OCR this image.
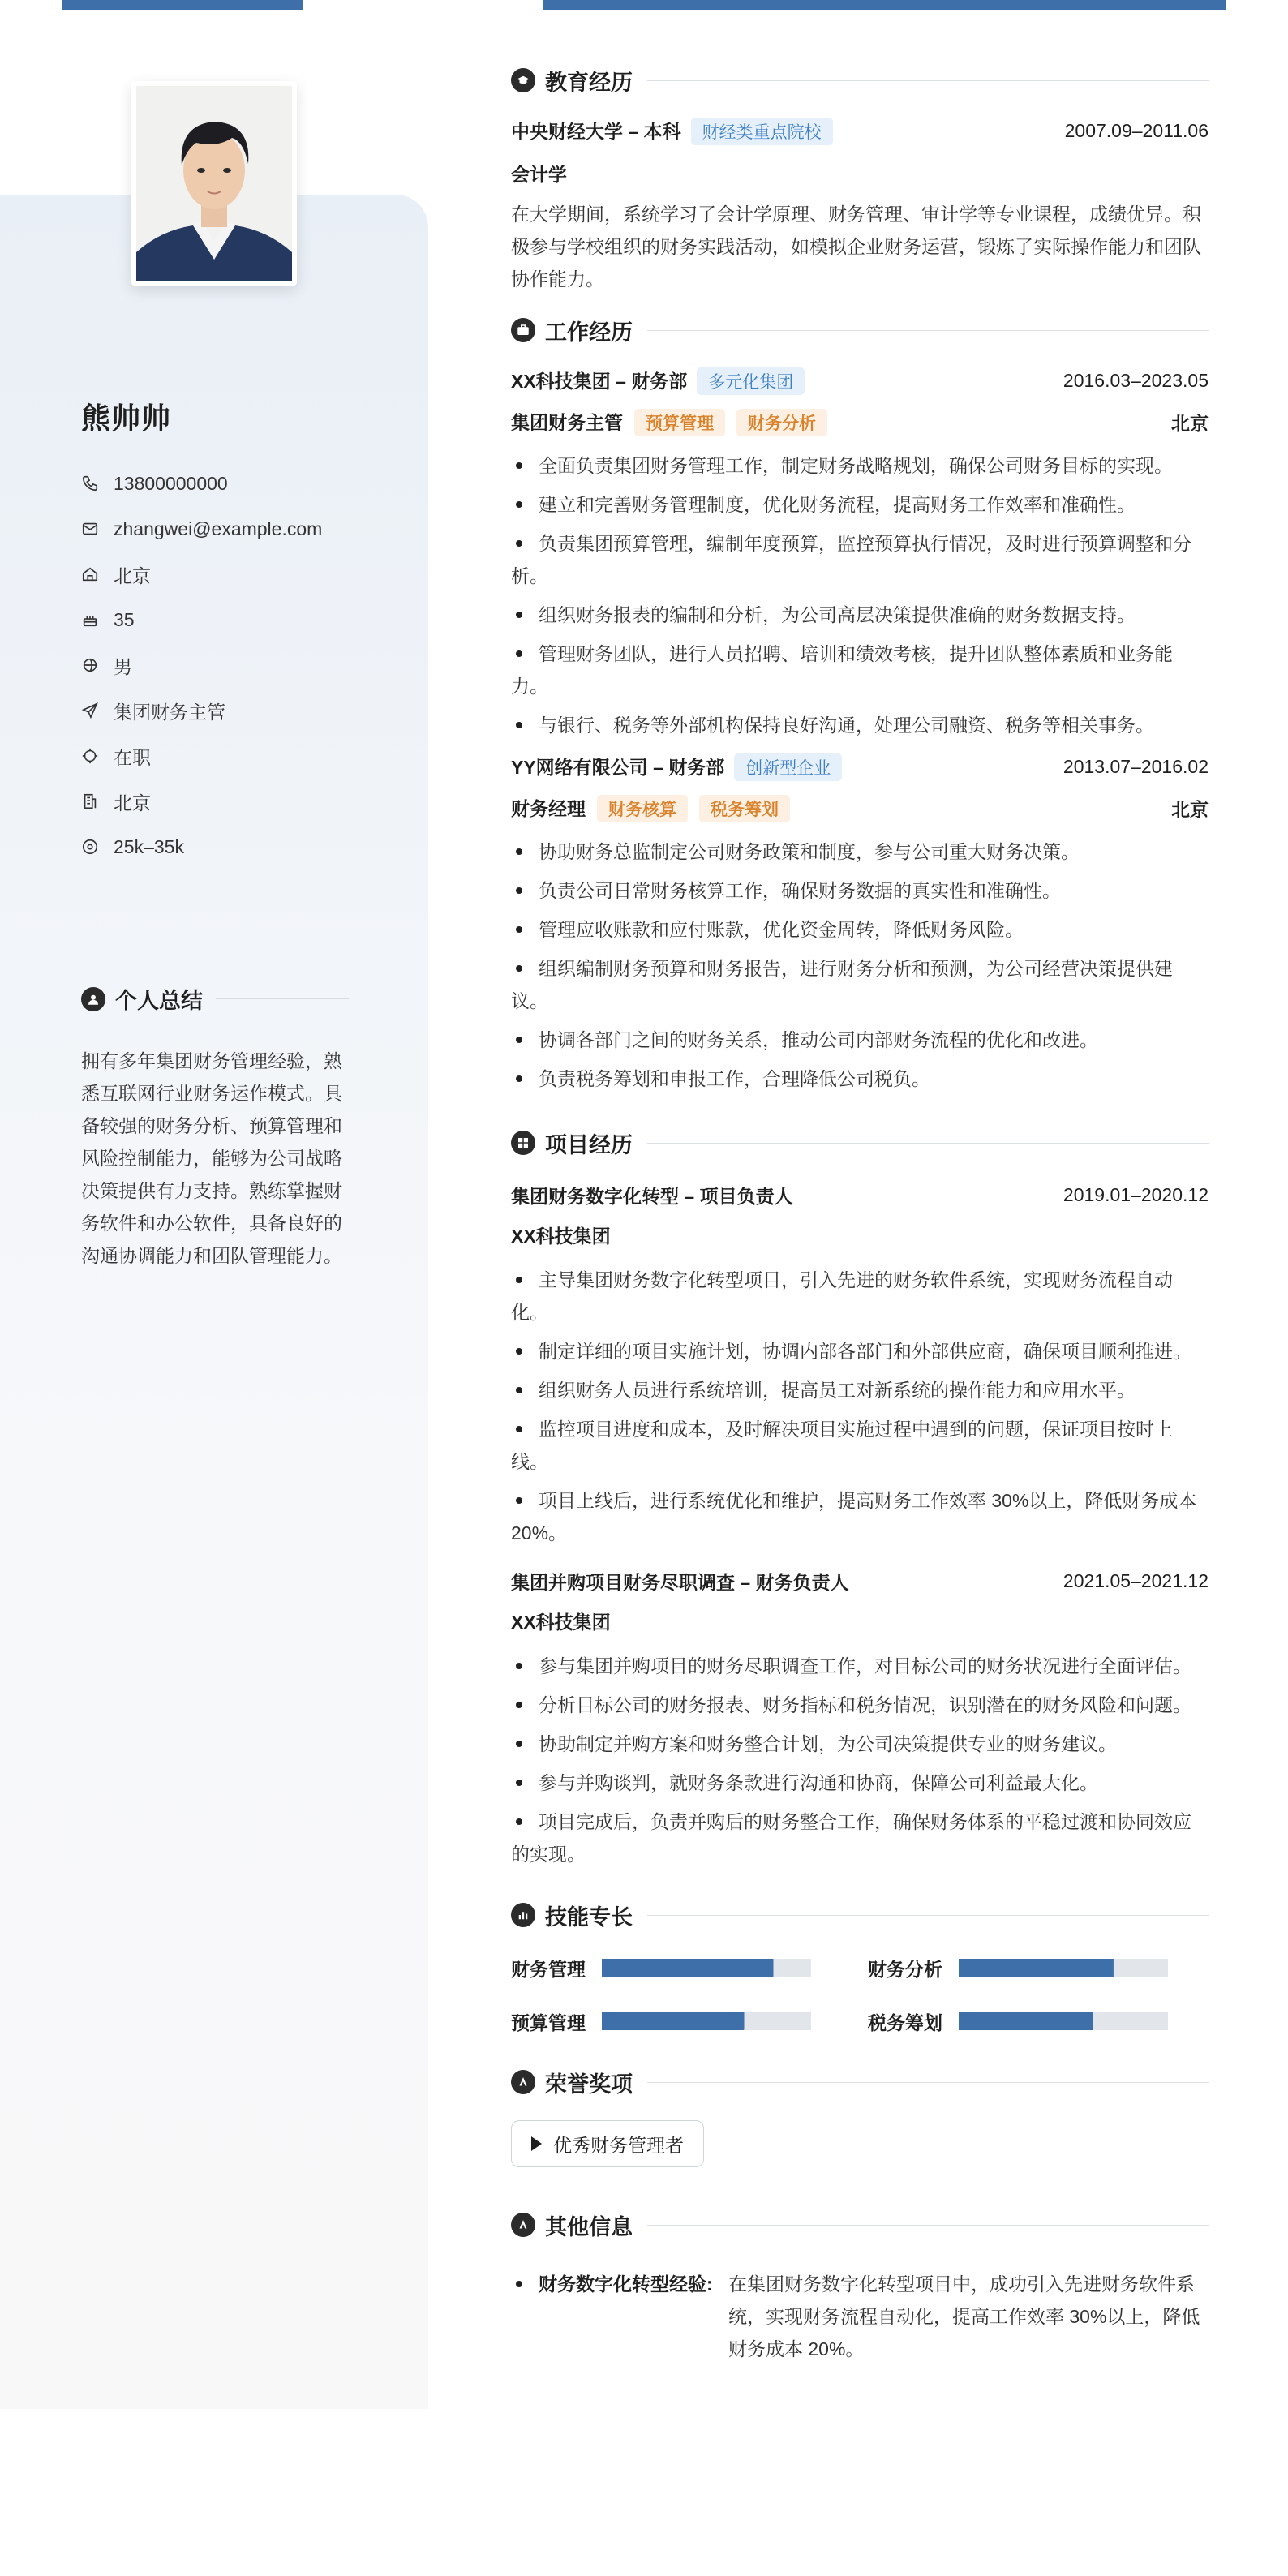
熊帅帅
13800000000
zhangwei@example.com
北京
35
男
集团财务主管
在职
北京
25k–35k
个人总结
拥有多年集团财务管理经验，熟悉互联网行业财务运作模式。具备较强的财务分析、预算管理和风险控制能力，能够为公司战略决策提供有力支持。熟练掌握财务软件和办公软件，具备良好的沟通协调能力和团队管理能力。
教育经历
中央财经大学 – 本科 财经类重点院校	2007.09–2011.06
会计学
在大学期间，系统学习了会计学原理、财务管理、审计学等专业课程，成绩优异。积极参与学校组织的财务实践活动，如模拟企业财务运营，锻炼了实际操作能力和团队协作能力。
工作经历
XX科技集团 – 财务部 多元化集团	2016.03–2023.05
集团财务主管 预算管理 财务分析	北京
全面负责集团财务管理工作，制定财务战略规划，确保公司财务目标的实现。
建立和完善财务管理制度，优化财务流程，提高财务工作效率和准确性。
负责集团预算管理，编制年度预算，监控预算执行情况，及时进行预算调整和分析。
组织财务报表的编制和分析，为公司高层决策提供准确的财务数据支持。
管理财务团队，进行人员招聘、培训和绩效考核，提升团队整体素质和业务能力。
与银行、税务等外部机构保持良好沟通，处理公司融资、税务等相关事务。
YY网络有限公司 – 财务部 创新型企业	2013.07–2016.02
财务经理 财务核算 税务筹划	北京
协助财务总监制定公司财务政策和制度，参与公司重大财务决策。
负责公司日常财务核算工作，确保财务数据的真实性和准确性。
管理应收账款和应付账款，优化资金周转，降低财务风险。
组织编制财务预算和财务报告，进行财务分析和预测，为公司经营决策提供建议。
协调各部门之间的财务关系，推动公司内部财务流程的优化和改进。
负责税务筹划和申报工作，合理降低公司税负。
项目经历
集团财务数字化转型 – 项目负责人	2019.01–2020.12
XX科技集团
主导集团财务数字化转型项目，引入先进的财务软件系统，实现财务流程自动化。
制定详细的项目实施计划，协调内部各部门和外部供应商，确保项目顺利推进。
组织财务人员进行系统培训，提高员工对新系统的操作能力和应用水平。
监控项目进度和成本，及时解决项目实施过程中遇到的问题，保证项目按时上线。
项目上线后，进行系统优化和维护，提高财务工作效率 30%以上，降低财务成本 20%。
集团并购项目财务尽职调查 – 财务负责人	2021.05–2021.12
XX科技集团
参与集团并购项目的财务尽职调查工作，对目标公司的财务状况进行全面评估。
分析目标公司的财务报表、财务指标和税务情况，识别潜在的财务风险和问题。
协助制定并购方案和财务整合计划，为公司决策提供专业的财务建议。
参与并购谈判，就财务条款进行沟通和协商，保障公司利益最大化。
项目完成后，负责并购后的财务整合工作，确保财务体系的平稳过渡和协同效应的实现。
技能专长
财务管理	财务分析
预算管理	税务筹划
荣誉奖项
优秀财务管理者
其他信息
财务数字化转型经验: 在集团财务数字化转型项目中，成功引入先进财务软件系统，实现财务流程自动化，提高工作效率 30%以上，降低财务成本 20%。
